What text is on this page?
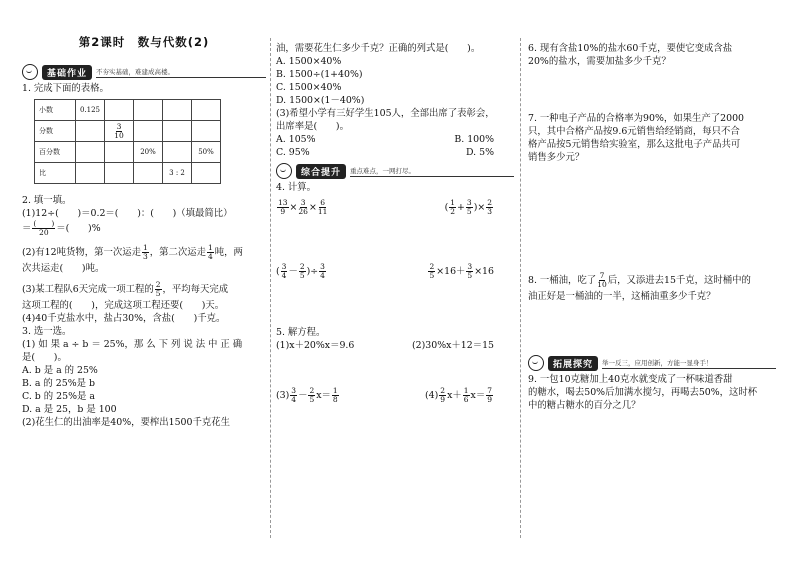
第2课时　数与代数(2)
基础作业	不夯实基础，难建成高楼。

1. 完成下面的表格。

小数	0.125				
分数		$\frac{3}{10}$

百分数			20%		50%
比				3 : 2	

2. 填一填。

(1)12÷(　　)＝0.2＝(　　)：(　　)（填最简比）

＝ $\frac{( )}{20}$ ＝(　　)%

(2)有12吨货物，第一次运走 $\frac{1}{3}$ ，第二次运走 $\frac{1}{4}$ 吨，两

次共运走(　　)吨。

(3)某工程队6天完成一项工程的 $\frac{2}{5}$ ，平均每天完成

这项工程的(　　)，完成这项工程还要(　　)天。

(4)40千克盐水中，盐占30%，含盐(　　)千克。

3. 选一选。

(1) 如 果 a ÷ b ＝ 25%，那 么 下 列 说 法 中 正 确

是(　　)。

A. b 是 a 的 25%

B. a 的 25%是 b

C. b 的 25%是 a

D. a 是 25，b 是 100

(2)花生仁的出油率是40%，要榨出1500千克花生

油，需要花生仁多少千克？正确的列式是(　　)。

A. 1500×40%

B. 1500÷(1+40%)

C. 1500×40%

D. 1500×(1－40%)

(3)希望小学有三好学生105人，全部出席了表彰会，

出席率是(　　)。

A. 105%	B. 100%

C. 95%	D. 5%

综合提升	重点难点，一网打尽。

4. 计算。

$\frac{13}{9} \times \frac{3}{26} \times \frac{6}{11}$	( $\frac{1}{2} + \frac{3}{5}$ )× $\frac{2}{3}$

( $\frac{3}{4} - \frac{2}{5}$ )÷ $\frac{3}{4}$	$\frac{2}{5} \times 16+ \frac{3}{5} \times 16$

5. 解方程。

(1)x＋20%x＝9.6	(2)30%x＋12＝15

$(3) \frac{3}{4} - \frac{2}{5} x= \frac{1}{8}$	$(4) \frac{2}{9} x+ \frac{1}{6} x= \frac{7}{9}$

6. 现有含盐10%的盐水60千克，要使它变成含盐

20%的盐水，需要加盐多少千克？

7. 一种电子产品的合格率为90%，如果生产了2000

只，其中合格产品按9.6元销售给经销商，每只不合

格产品按5元销售给实验室，那么这批电子产品共可

销售多少元？

8. 一桶油，吃了 $\frac{7}{10}$ 后，又添进去15千克，这时桶中的

油正好是一桶油的一半，这桶油重多少千克？

拓展探究	举一反三，应用创新，方能一显身手！

9. 一包10克糖加上40克水就变成了一杯味道香甜

的糖水，喝去50%后加满水搅匀，再喝去50%，这时杯

中的糖占糖水的百分之几？
